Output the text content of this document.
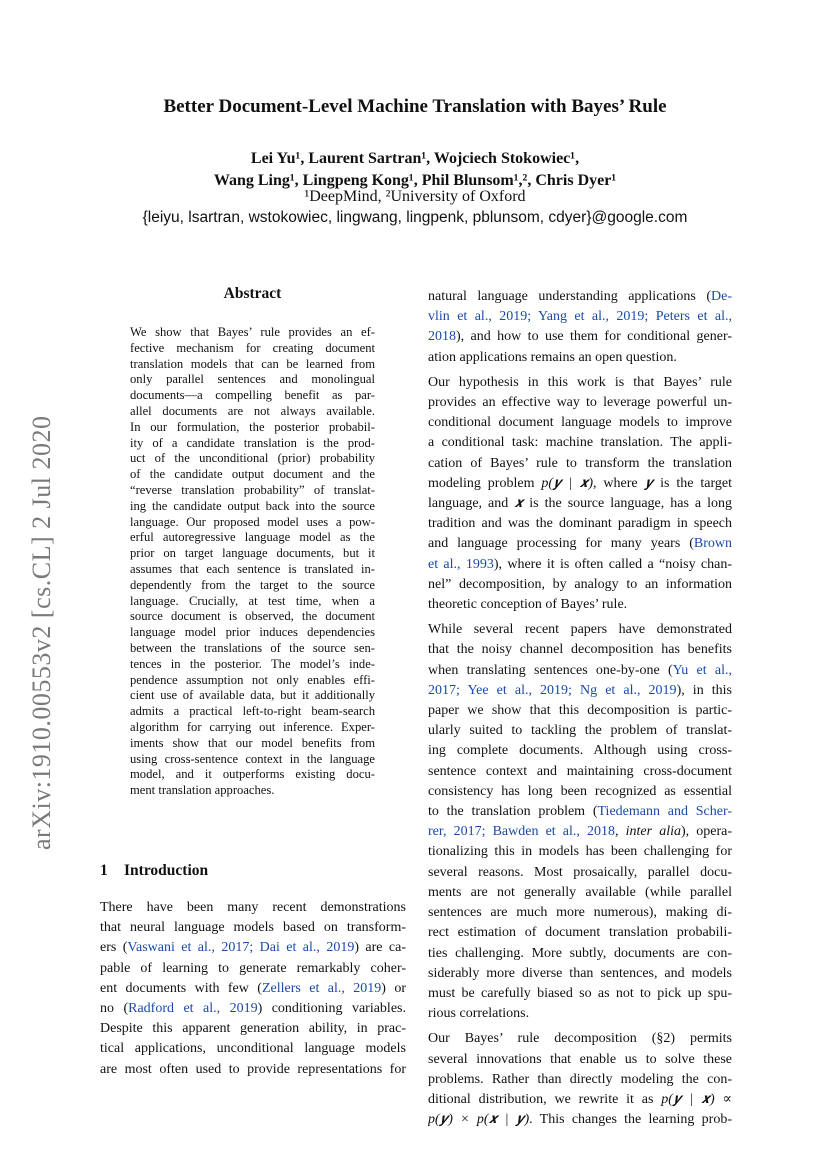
arXiv:1910.00553v2 [cs.CL] 2 Jul 2020
Better Document-Level Machine Translation with Bayes’ Rule
Lei Yu¹, Laurent Sartran¹, Wojciech Stokowiec¹,
Wang Ling¹, Lingpeng Kong¹, Phil Blunsom¹,², Chris Dyer¹
¹DeepMind, ²University of Oxford
{leiyu, lsartran, wstokowiec, lingwang, lingpenk, pblunsom, cdyer}@google.com
Abstract
We show that Bayes’ rule provides an ef-
fective mechanism for creating document
translation models that can be learned from
only parallel sentences and monolingual
documents—a compelling benefit as par-
allel documents are not always available.
In our formulation, the posterior probabil-
ity of a candidate translation is the prod-
uct of the unconditional (prior) probability
of the candidate output document and the
“reverse translation probability” of translat-
ing the candidate output back into the source
language. Our proposed model uses a pow-
erful autoregressive language model as the
prior on target language documents, but it
assumes that each sentence is translated in-
dependently from the target to the source
language. Crucially, at test time, when a
source document is observed, the document
language model prior induces dependencies
between the translations of the source sen-
tences in the posterior. The model’s inde-
pendence assumption not only enables effi-
cient use of available data, but it additionally
admits a practical left-to-right beam-search
algorithm for carrying out inference. Exper-
iments show that our model benefits from
using cross-sentence context in the language
model, and it outperforms existing docu-
ment translation approaches.
1 Introduction
There have been many recent demonstrations
that neural language models based on transform-
ers (Vaswani et al., 2017; Dai et al., 2019) are ca-
pable of learning to generate remarkably coher-
ent documents with few (Zellers et al., 2019) or
no (Radford et al., 2019) conditioning variables.
Despite this apparent generation ability, in prac-
tical applications, unconditional language models
are most often used to provide representations for
natural language understanding applications (De-
vlin et al., 2019; Yang et al., 2019; Peters et al.,
2018), and how to use them for conditional gener-
ation applications remains an open question.
Our hypothesis in this work is that Bayes’ rule
provides an effective way to leverage powerful un-
conditional document language models to improve
a conditional task: machine translation. The appli-
cation of Bayes’ rule to transform the translation
modeling problem p(𝒚 | 𝒙), where 𝒚 is the target
language, and 𝒙 is the source language, has a long
tradition and was the dominant paradigm in speech
and language processing for many years (Brown
et al., 1993), where it is often called a “noisy chan-
nel” decomposition, by analogy to an information
theoretic conception of Bayes’ rule.
While several recent papers have demonstrated
that the noisy channel decomposition has benefits
when translating sentences one-by-one (Yu et al.,
2017; Yee et al., 2019; Ng et al., 2019), in this
paper we show that this decomposition is partic-
ularly suited to tackling the problem of translat-
ing complete documents. Although using cross-
sentence context and maintaining cross-document
consistency has long been recognized as essential
to the translation problem (Tiedemann and Scher-
rer, 2017; Bawden et al., 2018, inter alia), opera-
tionalizing this in models has been challenging for
several reasons. Most prosaically, parallel docu-
ments are not generally available (while parallel
sentences are much more numerous), making di-
rect estimation of document translation probabili-
ties challenging. More subtly, documents are con-
siderably more diverse than sentences, and models
must be carefully biased so as not to pick up spu-
rious correlations.
Our Bayes’ rule decomposition (§2) permits
several innovations that enable us to solve these
problems. Rather than directly modeling the con-
ditional distribution, we rewrite it as p(𝒚 | 𝒙) ∝
p(𝒚) × p(𝒙 | 𝒚). This changes the learning prob-
